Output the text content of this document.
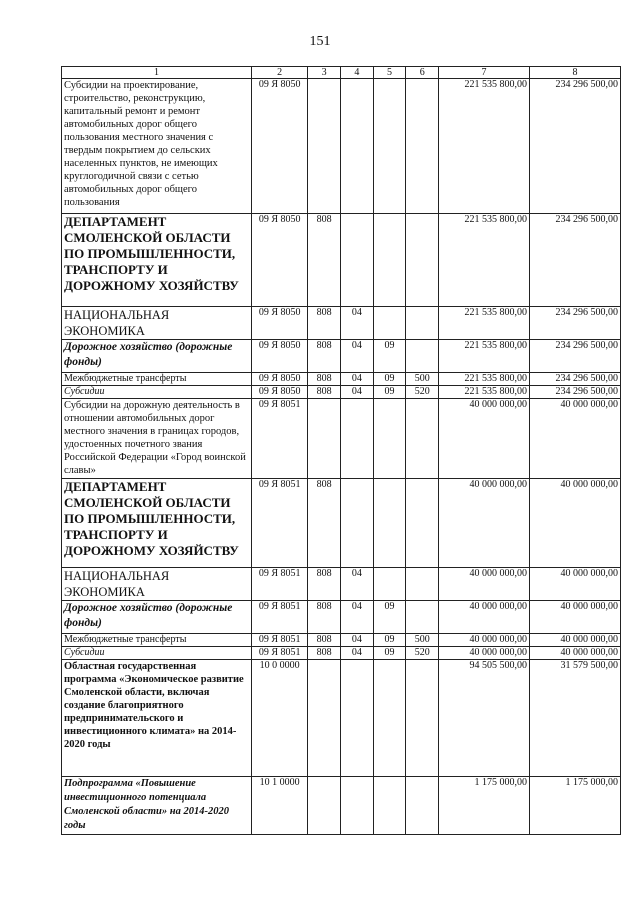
151
1	2	3	4	5	6	7	8
Субсидии на проектирование, строительство, реконструкцию, капитальный ремонт и ремонт автомобильных дорог общего пользования местного значения с твердым покрытием до сельских населенных пунктов, не имеющих круглогодичной связи с сетью автомобильных дорог общего пользования	09 Я 8050					221 535 800,00	234 296 500,00
ДЕПАРТАМЕНТ СМОЛЕНСКОЙ ОБЛАСТИ ПО ПРОМЫШЛЕННОСТИ, ТРАНСПОРТУ И ДОРОЖНОМУ ХОЗЯЙСТВУ	09 Я 8050	808				221 535 800,00	234 296 500,00
НАЦИОНАЛЬНАЯ ЭКОНОМИКА	09 Я 8050	808	04			221 535 800,00	234 296 500,00
Дорожное хозяйство (дорожные фонды)	09 Я 8050	808	04	09		221 535 800,00	234 296 500,00
Межбюджетные трансферты	09 Я 8050	808	04	09	500	221 535 800,00	234 296 500,00
Субсидии	09 Я 8050	808	04	09	520	221 535 800,00	234 296 500,00
Субсидии на дорожную деятельность в отношении автомобильных дорог местного значения в границах городов, удостоенных почетного звания Российской Федерации «Город воинской славы»	09 Я 8051					40 000 000,00	40 000 000,00
ДЕПАРТАМЕНТ СМОЛЕНСКОЙ ОБЛАСТИ ПО ПРОМЫШЛЕННОСТИ, ТРАНСПОРТУ И ДОРОЖНОМУ ХОЗЯЙСТВУ	09 Я 8051	808				40 000 000,00	40 000 000,00
НАЦИОНАЛЬНАЯ ЭКОНОМИКА	09 Я 8051	808	04			40 000 000,00	40 000 000,00
Дорожное хозяйство (дорожные фонды)	09 Я 8051	808	04	09		40 000 000,00	40 000 000,00
Межбюджетные трансферты	09 Я 8051	808	04	09	500	40 000 000,00	40 000 000,00
Субсидии	09 Я 8051	808	04	09	520	40 000 000,00	40 000 000,00
Областная государственная программа «Экономическое развитие Смоленской области, включая создание благоприятного предпринимательского и инвестиционного климата» на 2014-2020 годы	10 0 0000					94 505 500,00	31 579 500,00
Подпрограмма «Повышение инвестиционного потенциала Смоленской области» на 2014-2020 годы	10 1 0000					1 175 000,00	1 175 000,00
